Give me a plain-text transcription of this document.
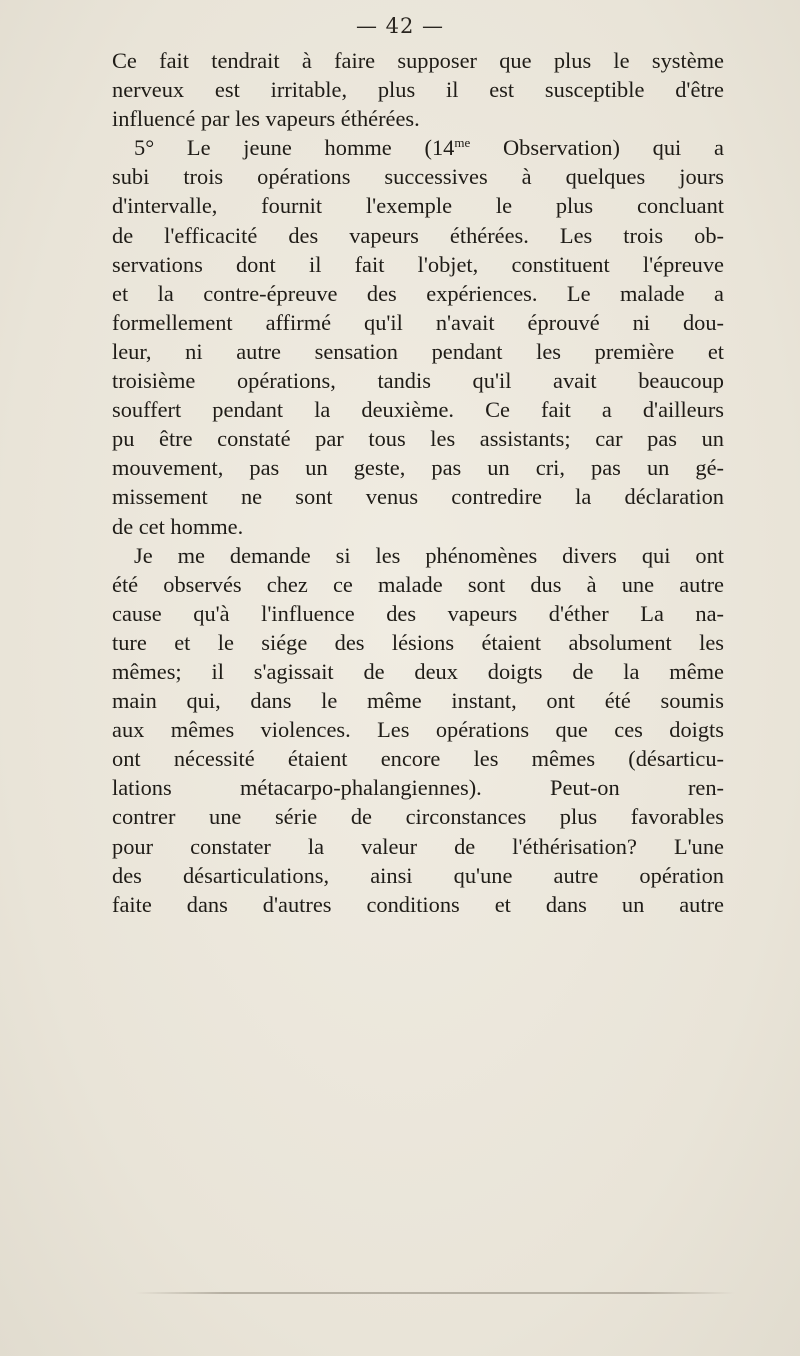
— 42 —
Ce fait tendrait à faire supposer que plus le système
nerveux est irritable, plus il est susceptible d'être
influencé par les vapeurs éthérées.
5° Le jeune homme ($14^{me}$ Observation) qui a
subi trois opérations successives à quelques jours
d'intervalle, fournit l'exemple le plus concluant
de l'efficacité des vapeurs éthérées. Les trois ob-
servations dont il fait l'objet, constituent l'épreuve
et la contre-épreuve des expériences. Le malade a
formellement affirmé qu'il n'avait éprouvé ni dou-
leur, ni autre sensation pendant les première et
troisième opérations, tandis qu'il avait beaucoup
souffert pendant la deuxième. Ce fait a d'ailleurs
pu être constaté par tous les assistants; car pas un
mouvement, pas un geste, pas un cri, pas un gé-
missement ne sont venus contredire la déclaration
de cet homme.
Je me demande si les phénomènes divers qui ont
été observés chez ce malade sont dus à une autre
cause qu'à l'influence des vapeurs d'éther La na-
ture et le siége des lésions étaient absolument les
mêmes; il s'agissait de deux doigts de la même
main qui, dans le même instant, ont été soumis
aux mêmes violences. Les opérations que ces doigts
ont nécessité étaient encore les mêmes (désarticu-
lations métacarpo-phalangiennes). Peut-on ren-
contrer une série de circonstances plus favorables
pour constater la valeur de l'éthérisation? L'une
des désarticulations, ainsi qu'une autre opération
faite dans d'autres conditions et dans un autre
